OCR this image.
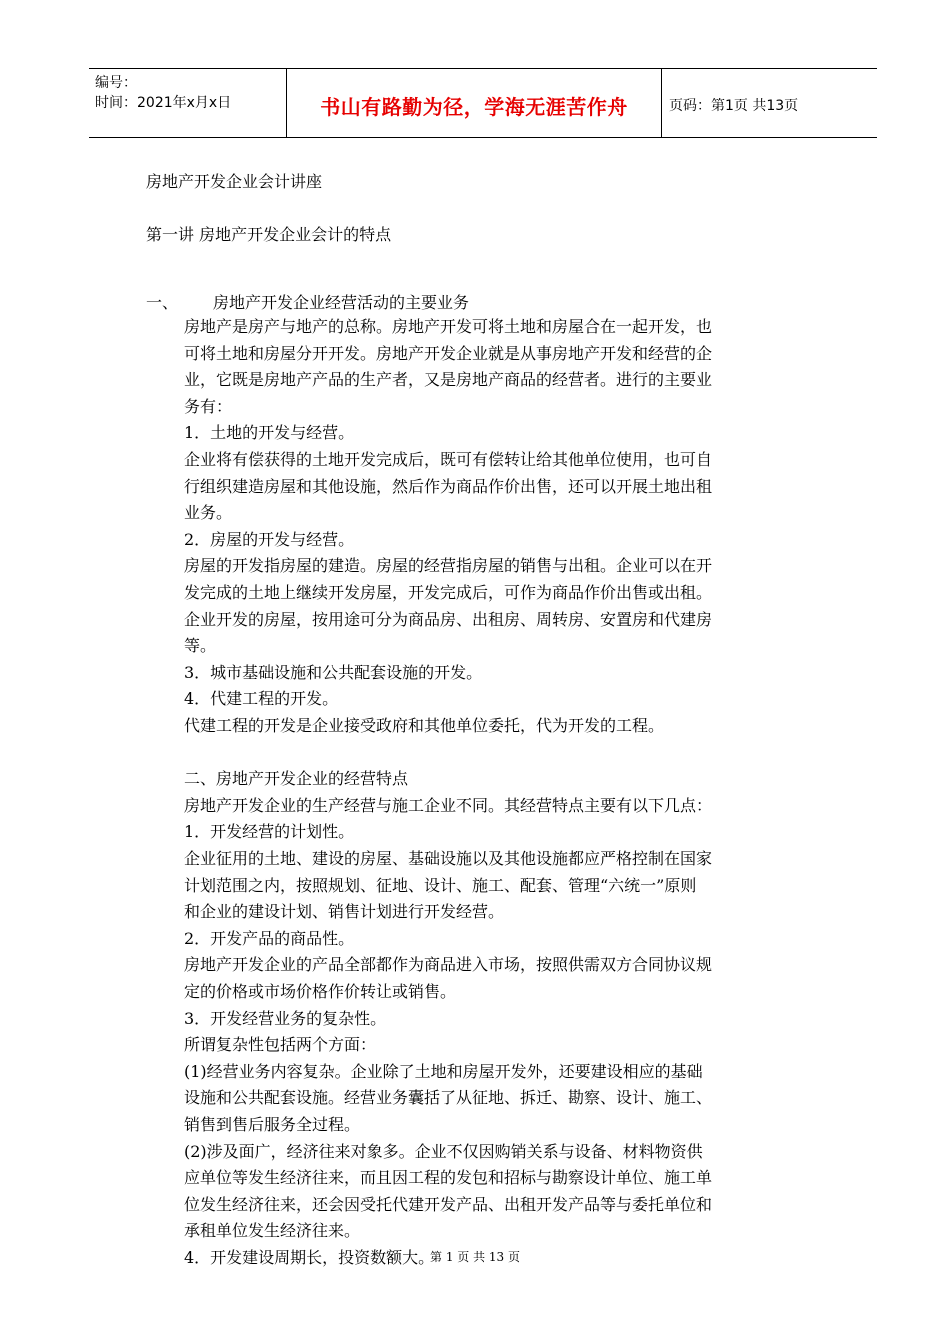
编号：
时间：2021年x月x日	书山有路勤为径，学海无涯苦作舟	页码：第1页 共13页
房地产开发企业会计讲座
第一讲 房地产开发企业会计的特点
一、 房地产开发企业经营活动的主要业务
房地产是房产与地产的总称。房地产开发可将土地和房屋合在一起开发，也
可将土地和房屋分开开发。房地产开发企业就是从事房地产开发和经营的企
业，它既是房地产产品的生产者，又是房地产商品的经营者。进行的主要业
务有：
1．土地的开发与经营。
企业将有偿获得的土地开发完成后，既可有偿转让给其他单位使用，也可自
行组织建造房屋和其他设施，然后作为商品作价出售，还可以开展土地出租
业务。
2．房屋的开发与经营。
房屋的开发指房屋的建造。房屋的经营指房屋的销售与出租。企业可以在开
发完成的土地上继续开发房屋，开发完成后，可作为商品作价出售或出租。
企业开发的房屋，按用途可分为商品房、出租房、周转房、安置房和代建房
等。
3．城市基础设施和公共配套设施的开发。
4．代建工程的开发。
代建工程的开发是企业接受政府和其他单位委托，代为开发的工程。
二、房地产开发企业的经营特点
房地产开发企业的生产经营与施工企业不同。其经营特点主要有以下几点：
1．开发经营的计划性。
企业征用的土地、建设的房屋、基础设施以及其他设施都应严格控制在国家
计划范围之内，按照规划、征地、设计、施工、配套、管理“六统一”原则
和企业的建设计划、销售计划进行开发经营。
2．开发产品的商品性。
房地产开发企业的产品全部都作为商品进入市场，按照供需双方合同协议规
定的价格或市场价格作价转让或销售。
3．开发经营业务的复杂性。
所谓复杂性包括两个方面：
(1)经营业务内容复杂。企业除了土地和房屋开发外，还要建设相应的基础
设施和公共配套设施。经营业务囊括了从征地、拆迁、勘察、设计、施工、
销售到售后服务全过程。
(2)涉及面广，经济往来对象多。企业不仅因购销关系与设备、材料物资供
应单位等发生经济往来，而且因工程的发包和招标与勘察设计单位、施工单
位发生经济往来，还会因受托代建开发产品、出租开发产品等与委托单位和
承租单位发生经济往来。
4．开发建设周期长，投资数额大。
第 1 页 共 13 页
